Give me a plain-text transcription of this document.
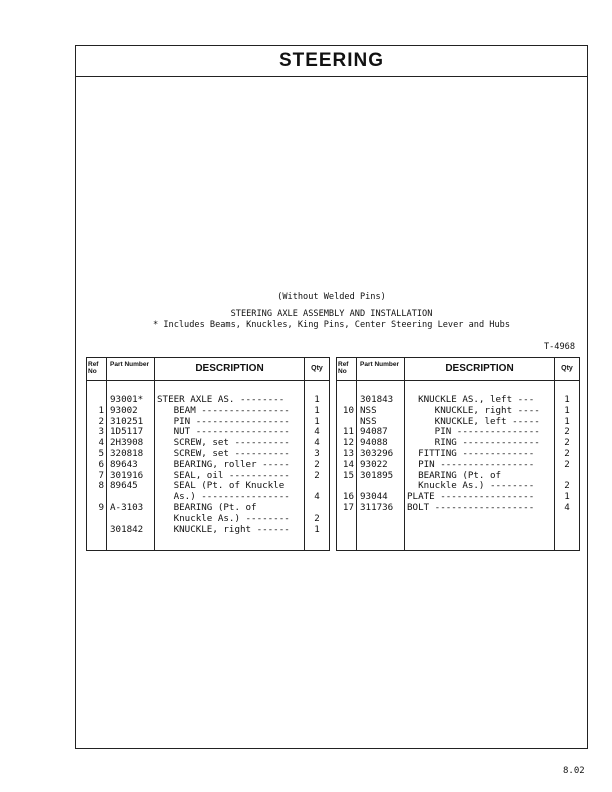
STEERING
(Without Welded Pins)
STEERING AXLE ASSEMBLY AND INSTALLATION
* Includes Beams, Knuckles, King Pins, Center Steering Lever and Hubs
T-4968
Ref No
Part Number	DESCRIPTION	Qty
93001* STEER AXLE AS. --------	1
1 93002 BEAM ----------------	1
2 310251 PIN -----------------	1
3 1D5117 NUT -----------------	4
4 2H3908 SCREW, set ----------	4
5 320818 SCREW, set ----------	3
6 89643 BEARING, roller -----	2
7 301916 SEAL, oil -----------	2
8 89645 SEAL (Pt. of Knuckle
As.) ----------------	4
9 A-3103 BEARING (Pt. of
Knuckle As.) --------	2
301842 KNUCKLE, right ------	1
Ref No
Part Number	DESCRIPTION	Qty
301843 KNUCKLE AS., left ---	1
10 NSS	KNUCKLE, right ----	1
NSS	KNUCKLE, left -----	1
11 94087 PIN ---------------	2
12 94088 RING --------------	2
13 303296 FITTING -------------	2
14 93022 PIN -----------------	2
15 301895 BEARING (Pt. of
Knuckle As.) --------	2
16 93044 PLATE -----------------	1
17 311736 BOLT ------------------	4
8.02
